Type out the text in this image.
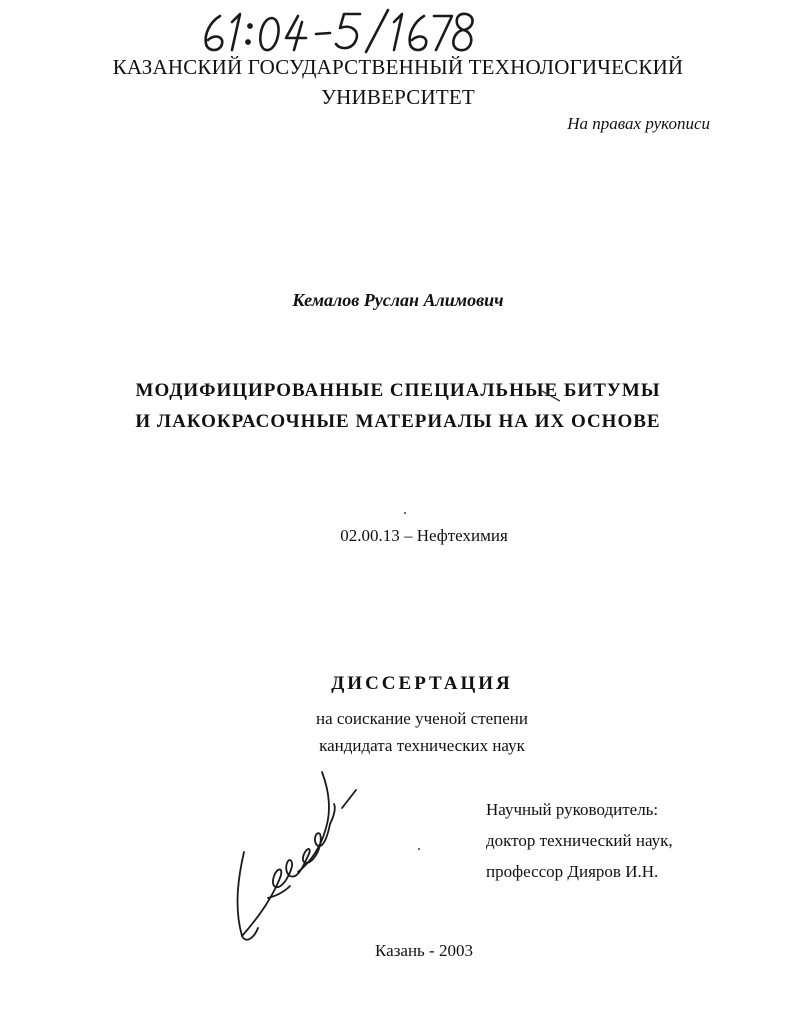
61:04-5/1678
КАЗАНСКИЙ ГОСУДАРСТВЕННЫЙ ТЕХНОЛОГИЧЕСКИЙ
УНИВЕРСИТЕТ
На правах рукописи
Кемалов Руслан Алимович
МОДИФИЦИРОВАННЫЕ СПЕЦИАЛЬНЫЕ БИТУМЫ
И ЛАКОКРАСОЧНЫЕ МАТЕРИАЛЫ НА ИХ ОСНОВЕ
02.00.13 – Нефтехимия
ДИССЕРТАЦИЯ
на соискание ученой степени
кандидата технических наук
Научный руководитель:
доктор технический наук,
профессор Дияров И.Н.
Казань - 2003
